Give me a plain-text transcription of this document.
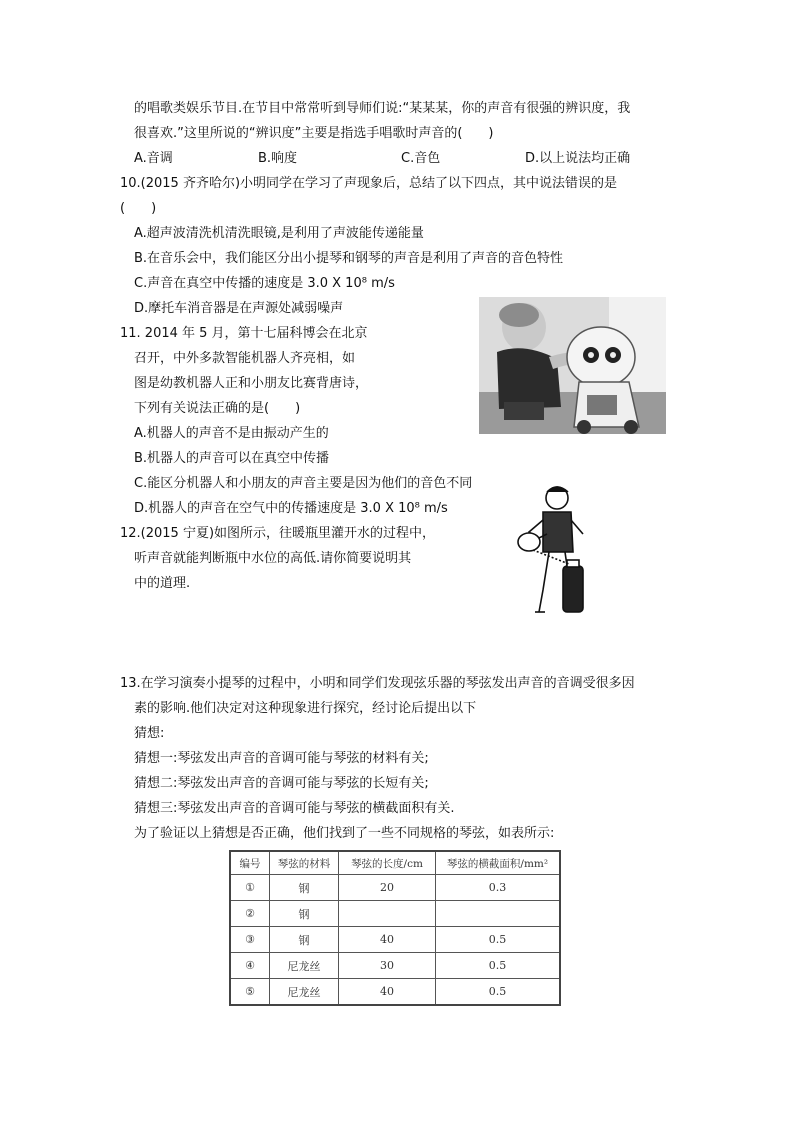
的唱歌类娱乐节目.在节目中常常听到导师们说:“某某某，你的声音有很强的辨识度，我
很喜欢.”这里所说的“辨识度”主要是指选手唱歌时声音的(　　)
A.音调	B.响度	C.音色	D.以上说法均正确
10.(2015 齐齐哈尔)小明同学在学习了声现象后，总结了以下四点，其中说法错误的是
(　　)
A.超声波清洗机清洗眼镜,是利用了声波能传递能量
B.在音乐会中，我们能区分出小提琴和钢琴的声音是利用了声音的音色特性
C.声音在真空中传播的速度是 3.0 X 10⁸ m/s
D.摩托车消音器是在声源处减弱噪声
11. 2014 年 5 月，第十七届科博会在北京
召开，中外多款智能机器人齐亮相，如
图是幼教机器人正和小朋友比赛背唐诗，
下列有关说法正确的是(　　)
A.机器人的声音不是由振动产生的
B.机器人的声音可以在真空中传播
C.能区分机器人和小朋友的声音主要是因为他们的音色不同
D.机器人的声音在空气中的传播速度是 3.0 X 10⁸ m/s
12.(2015 宁夏)如图所示，往暖瓶里灌开水的过程中，
听声音就能判断瓶中水位的高低.请你简要说明其
中的道理.
13.在学习演奏小提琴的过程中，小明和同学们发现弦乐器的琴弦发出声音的音调受很多因
素的影响.他们决定对这种现象进行探究，经讨论后提出以下
猜想:
猜想一:琴弦发出声音的音调可能与琴弦的材料有关;
猜想二:琴弦发出声音的音调可能与琴弦的长短有关;
猜想三:琴弦发出声音的音调可能与琴弦的横截面积有关.
为了验证以上猜想是否正确，他们找到了一些不同规格的琴弦，如表所示:
编号	琴弦的材料	琴弦的长度/cm	琴弦的横截面积/mm²
①	钢	20	0.3
②	钢		
③	钢	40	0.5
④	尼龙丝	30	0.5
⑤	尼龙丝	40	0.5
